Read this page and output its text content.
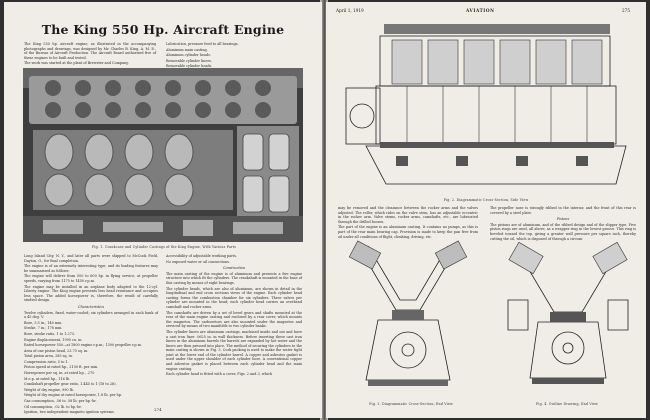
The King 550 Hp. Aircraft Engine

The King 550 hp. aircraft engine, as illustrated in the accompanying photographs and drawings, was designed by Mr. Charles B. King, A. M. E., of the Bureau of Aircraft Production. The Aircraft Board authorized five of these engines to be built and tested.

The work was started at the plant of Brewster and Company,

Lubrication, pressure feed to all bearings.

Aluminum main casting.

Aluminum cylinder heads.

Removable cylinder liners.

Removable cylinder heads.

Fig. 1. Crankcase and Cylinder Castings of the King Engine, With Various Parts

Long Island City, N. Y., and later all parts were shipped to McCook Field, Dayton, O., for final completion.

The engine is of an extremely interesting type, and its leading features may be summarized as follows:

The engine will deliver from 500 to 600 hp. in flying service, at propeller speeds, varying from 1175 to 1450 r.p.m.

The engine may be installed in an airplane body adapted to the 12-cyl. Liberty engine. The King engine presents less head resistance and occupies less space. The added horsepower is, therefore, the result of carefully studied design.

Characteristics

Twelve cylinders, fixed, water-cooled; six cylinders arranged in each bank of a 45 deg. V.

Bore, 5.5 in.; 140 mm.

Stroke, 7 in.; 178 mm.

Bore, stroke ratio, 1 to 1.273.

Engine displacement, 1995 cu. in.

Rated horsepower 550—at 1800 engine r.p.m.; 1300 propeller r.p.m.

Area of one piston head, 23.75 sq. in.

Total piston area, 285 sq. in.

Compression ratio, 5 to 1.

Piston speed at rated hp., 2100 ft. per min.

Horsepower per sq. in. at rated hp., .270

M.e.p. at rated hp., 116 lb.

Crankshaft propeller gear ratio, 1.445 to 1 (18 to 26).

Weight of dry engine, 990 lb.

Weight of dry engine at rated horsepower, 1.8 lb. per hp.

Gas consumption, .56 to .58 lb. per hp.-hr.

Oil consumption, .02 lb. to hp.-hr.

Ignition, two independent magneto ignition systems.

Accessibility of adjustable working parts.

No exposed water or oil connections.

Construction

The main casting of the engine is of aluminum and presents a five engine structure into which fit the cylinders. The crankshaft is mounted in the base of this casting by means of eight bearings.

The cylinder heads, which are also of aluminum, are shown in detail in the longitudinal and end cross sections views of the engine. Each cylinder head casting forms the combustion chamber for six cylinders. Three valves per cylinder are mounted in the head; each cylinder head carries an overhead camshaft and rocker arms.

The camshafts are driven by a set of bevel gears and shafts mounted at the rear of the main engine casting and enclosed by a rear cover, which mounts the magnetos. The carburetors are also mounted under the magnetos and serviced by means of two manifolds to two cylinder banks.

The cylinder liners are aluminum castings, machined inside and out and have a cast iron liner .0625 in. in wall thickness. Before inserting these cast iron liners in the aluminum barrels the barrels are expanded by hot water and the liners are then pressed into place. The method of securing the cylinders to the main casting is shown in Fig. 3. Cork packing is used to make the water tight joint at the lower end of the cylinder barrel. A copper and asbestos gasket is used under the upper shoulder of each cylinder bore. A conventional copper and asbestos gasket is placed between each cylinder head and the main engine casting.

Each cylinder head is fitted with a cover, Figs. 2 and 3, which

274
April 1, 1919	AVIATION	275
Fig. 2. Diagrammatic Cross-Section, Side View

may be removed and the clearance between the rocker arms and the valves adjusted. The roller, which rides on the valve stem, has an adjustable eccentric in the rocker arm. Valve stems, rocker arms, camshafts, etc., are lubricated through the drilled bosses.

The part of the engine is an aluminum casting. It contains no pumps, as this is part of the rear main bearing cap. Provision is made to keep the pan free from oil under all conditions of flight, climbing, driving, etc.

The propeller nose is strongly ribbed in the interior, and the front of this rear is covered by a steel plate.

Pistons

The pistons are of aluminum, and of the ribbed design and of the slipper type. Five piston rings are used, all above, as a wrapper ring in the lowest groove. This ring is beveled toward the top, giving a greater wall pressure per square inch, thereby cutting the oil, which is disposed of through a circum-

Fig. 3. Diagrammatic Cross-Section, End View	Fig. 4. Outline Drawing, End View
